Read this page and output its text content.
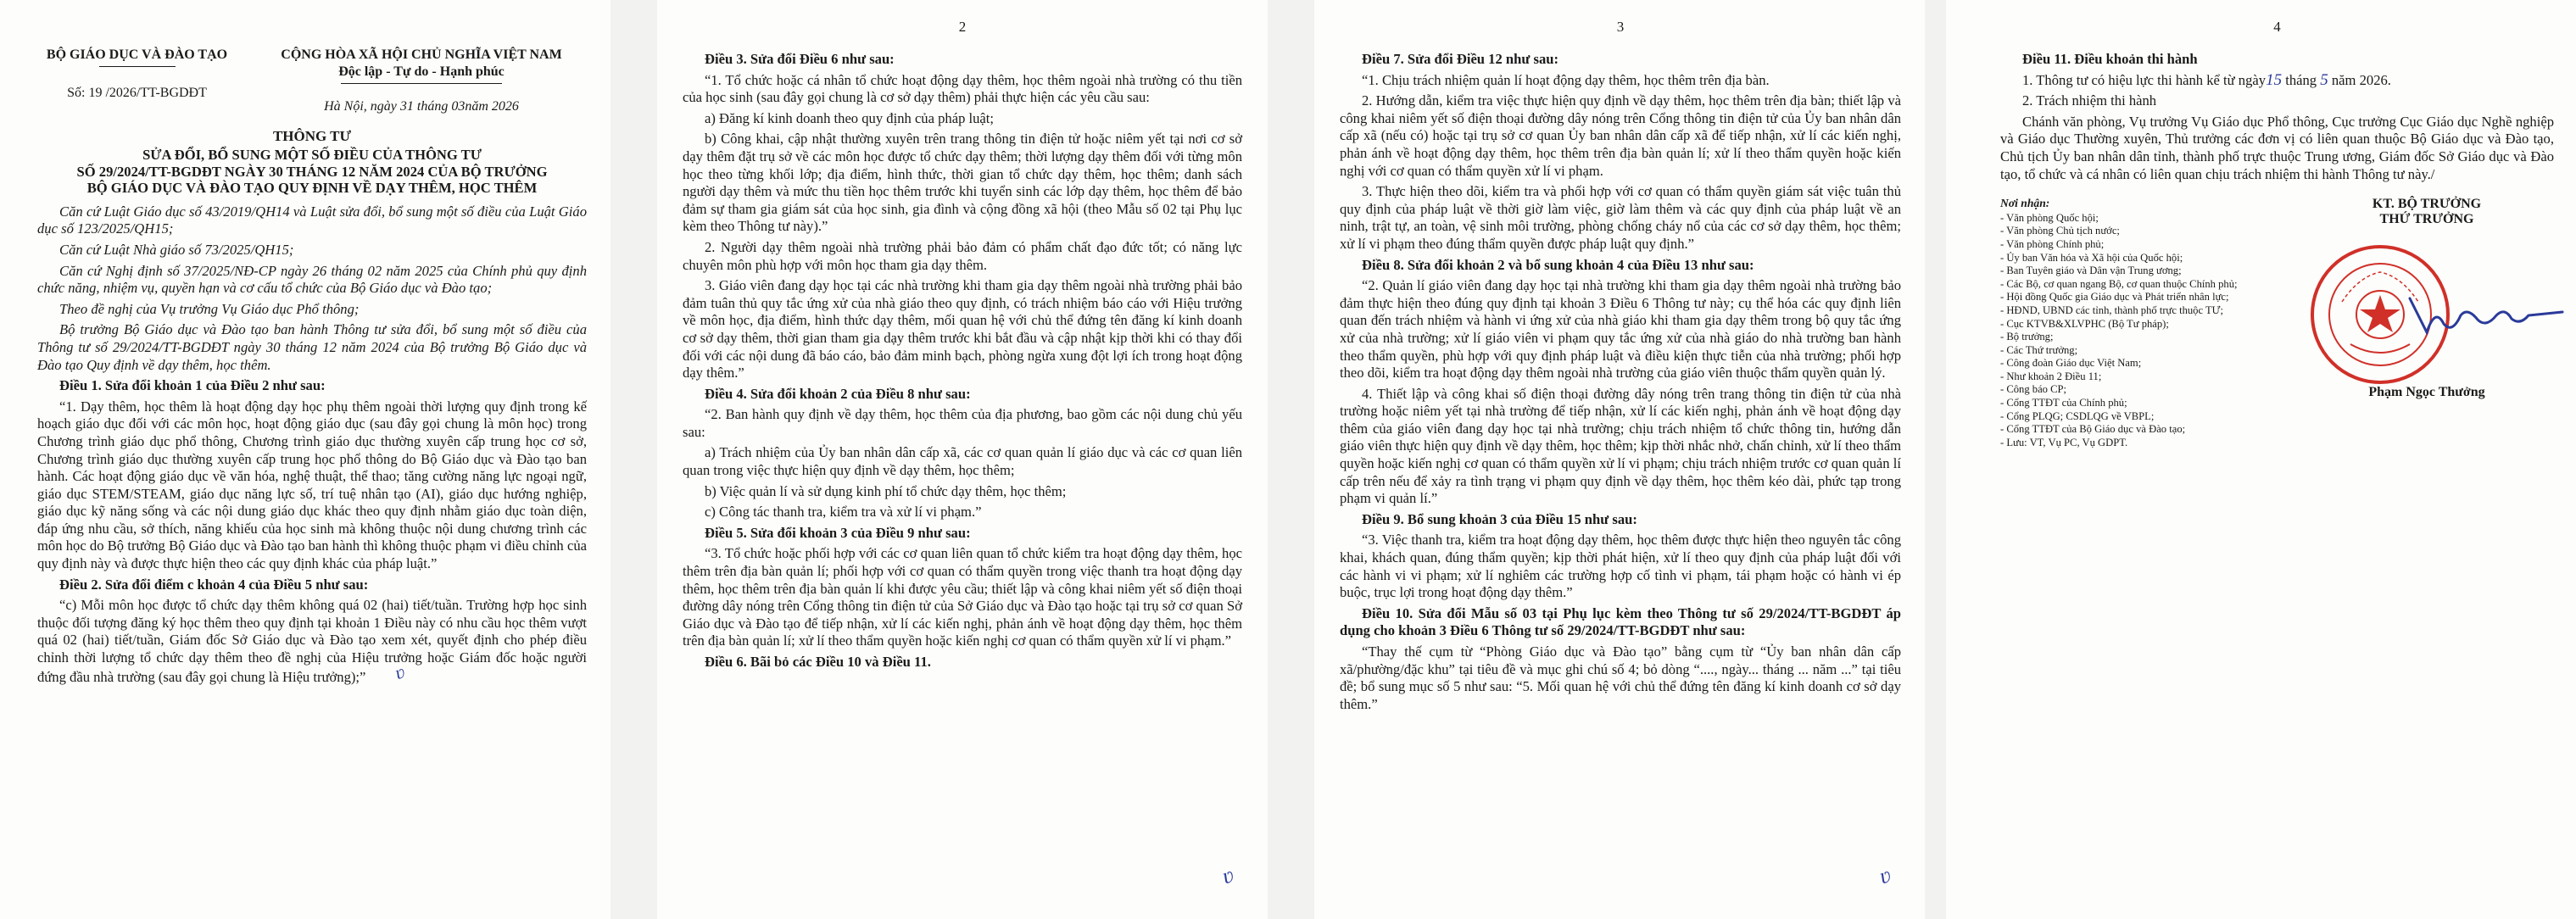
BỘ GIÁO DỤC VÀ ĐÀO TẠO
Số: 19 /2026/TT-BGDĐT
CỘNG HÒA XÃ HỘI CHỦ NGHĨA VIỆT NAM
Độc lập - Tự do - Hạnh phúc
Hà Nội, ngày 31 tháng 03năm 2026
THÔNG TƯ
SỬA ĐỔI, BỔ SUNG MỘT SỐ ĐIỀU CỦA THÔNG TƯ
SỐ 29/2024/TT-BGDĐT NGÀY 30 THÁNG 12 NĂM 2024 CỦA BỘ TRƯỞNG
BỘ GIÁO DỤC VÀ ĐÀO TẠO QUY ĐỊNH VỀ DẠY THÊM, HỌC THÊM

Căn cứ Luật Giáo dục số 43/2019/QH14 và Luật sửa đổi, bổ sung một số điều của Luật Giáo dục số 123/2025/QH15;

Căn cứ Luật Nhà giáo số 73/2025/QH15;

Căn cứ Nghị định số 37/2025/NĐ-CP ngày 26 tháng 02 năm 2025 của Chính phủ quy định chức năng, nhiệm vụ, quyền hạn và cơ cấu tổ chức của Bộ Giáo dục và Đào tạo;

Theo đề nghị của Vụ trưởng Vụ Giáo dục Phổ thông;

Bộ trưởng Bộ Giáo dục và Đào tạo ban hành Thông tư sửa đổi, bổ sung một số điều của Thông tư số 29/2024/TT-BGDĐT ngày 30 tháng 12 năm 2024 của Bộ trưởng Bộ Giáo dục và Đào tạo Quy định về dạy thêm, học thêm.

Điều 1. Sửa đổi khoản 1 của Điều 2 như sau:

“1. Dạy thêm, học thêm là hoạt động dạy học phụ thêm ngoài thời lượng quy định trong kế hoạch giáo dục đối với các môn học, hoạt động giáo dục (sau đây gọi chung là môn học) trong Chương trình giáo dục phổ thông, Chương trình giáo dục thường xuyên cấp trung học cơ sở, Chương trình giáo dục thường xuyên cấp trung học phổ thông do Bộ Giáo dục và Đào tạo ban hành. Các hoạt động giáo dục về văn hóa, nghệ thuật, thể thao; tăng cường năng lực ngoại ngữ, giáo dục STEM/STEAM, giáo dục năng lực số, trí tuệ nhân tạo (AI), giáo dục hướng nghiệp, giáo dục kỹ năng sống và các nội dung giáo dục khác theo quy định nhằm giáo dục toàn diện, đáp ứng nhu cầu, sở thích, năng khiếu của học sinh mà không thuộc nội dung chương trình các môn học do Bộ trưởng Bộ Giáo dục và Đào tạo ban hành thì không thuộc phạm vi điều chỉnh của quy định này và được thực hiện theo các quy định khác của pháp luật.”

Điều 2. Sửa đổi điểm c khoản 4 của Điều 5 như sau:

“c) Mỗi môn học được tổ chức dạy thêm không quá 02 (hai) tiết/tuần. Trường hợp học sinh thuộc đối tượng đăng ký học thêm theo quy định tại khoản 1 Điều này có nhu cầu học thêm vượt quá 02 (hai) tiết/tuần, Giám đốc Sở Giáo dục và Đào tạo xem xét, quyết định cho phép điều chỉnh thời lượng tổ chức dạy thêm theo đề nghị của Hiệu trưởng hoặc Giám đốc hoặc người đứng đầu nhà trường (sau đây gọi chung là Hiệu trưởng);” ʋ

2

Điều 3. Sửa đổi Điều 6 như sau:

“1. Tổ chức hoặc cá nhân tổ chức hoạt động dạy thêm, học thêm ngoài nhà trường có thu tiền của học sinh (sau đây gọi chung là cơ sở dạy thêm) phải thực hiện các yêu cầu sau:

a) Đăng kí kinh doanh theo quy định của pháp luật;

b) Công khai, cập nhật thường xuyên trên trang thông tin điện tử hoặc niêm yết tại nơi cơ sở dạy thêm đặt trụ sở về các môn học được tổ chức dạy thêm; thời lượng dạy thêm đối với từng môn học theo từng khối lớp; địa điểm, hình thức, thời gian tổ chức dạy thêm, học thêm; danh sách người dạy thêm và mức thu tiền học thêm trước khi tuyển sinh các lớp dạy thêm, học thêm để bảo đảm sự tham gia giám sát của học sinh, gia đình và cộng đồng xã hội (theo Mẫu số 02 tại Phụ lục kèm theo Thông tư này).”

2. Người dạy thêm ngoài nhà trường phải bảo đảm có phẩm chất đạo đức tốt; có năng lực chuyên môn phù hợp với môn học tham gia dạy thêm.

3. Giáo viên đang dạy học tại các nhà trường khi tham gia dạy thêm ngoài nhà trường phải bảo đảm tuân thủ quy tắc ứng xử của nhà giáo theo quy định, có trách nhiệm báo cáo với Hiệu trưởng về môn học, địa điểm, hình thức dạy thêm, mối quan hệ với chủ thể đứng tên đăng kí kinh doanh cơ sở dạy thêm, thời gian tham gia dạy thêm trước khi bắt đầu và cập nhật kịp thời khi có thay đổi đối với các nội dung đã báo cáo, bảo đảm minh bạch, phòng ngừa xung đột lợi ích trong hoạt động dạy thêm.”

Điều 4. Sửa đổi khoản 2 của Điều 8 như sau:

“2. Ban hành quy định về dạy thêm, học thêm của địa phương, bao gồm các nội dung chủ yếu sau:

a) Trách nhiệm của Ủy ban nhân dân cấp xã, các cơ quan quản lí giáo dục và các cơ quan liên quan trong việc thực hiện quy định về dạy thêm, học thêm;

b) Việc quản lí và sử dụng kinh phí tổ chức dạy thêm, học thêm;

c) Công tác thanh tra, kiểm tra và xử lí vi phạm.”

Điều 5. Sửa đổi khoản 3 của Điều 9 như sau:

“3. Tổ chức hoặc phối hợp với các cơ quan liên quan tổ chức kiểm tra hoạt động dạy thêm, học thêm trên địa bàn quản lí; phối hợp với cơ quan có thẩm quyền trong việc thanh tra hoạt động dạy thêm, học thêm trên địa bàn quản lí khi được yêu cầu; thiết lập và công khai niêm yết số điện thoại đường dây nóng trên Cổng thông tin điện tử của Sở Giáo dục và Đào tạo hoặc tại trụ sở cơ quan Sở Giáo dục và Đào tạo để tiếp nhận, xử lí các kiến nghị, phản ánh về hoạt động dạy thêm, học thêm trên địa bàn quản lí; xử lí theo thẩm quyền hoặc kiến nghị cơ quan có thẩm quyền xử lí vi phạm.”

Điều 6. Bãi bỏ các Điều 10 và Điều 11.

ʋ
3

Điều 7. Sửa đổi Điều 12 như sau:

“1. Chịu trách nhiệm quản lí hoạt động dạy thêm, học thêm trên địa bàn.

2. Hướng dẫn, kiểm tra việc thực hiện quy định về dạy thêm, học thêm trên địa bàn; thiết lập và công khai niêm yết số điện thoại đường dây nóng trên Cổng thông tin điện tử của Ủy ban nhân dân cấp xã (nếu có) hoặc tại trụ sở cơ quan Ủy ban nhân dân cấp xã để tiếp nhận, xử lí các kiến nghị, phản ánh về hoạt động dạy thêm, học thêm trên địa bàn quản lí; xử lí theo thẩm quyền hoặc kiến nghị với cơ quan có thẩm quyền xử lí vi phạm.

3. Thực hiện theo dõi, kiểm tra và phối hợp với cơ quan có thẩm quyền giám sát việc tuân thủ quy định của pháp luật về thời giờ làm việc, giờ làm thêm và các quy định của pháp luật về an ninh, trật tự, an toàn, vệ sinh môi trường, phòng chống cháy nổ của các cơ sở dạy thêm, học thêm; xử lí vi phạm theo đúng thẩm quyền được pháp luật quy định.”

Điều 8. Sửa đổi khoản 2 và bổ sung khoản 4 của Điều 13 như sau:

“2. Quản lí giáo viên đang dạy học tại nhà trường khi tham gia dạy thêm ngoài nhà trường bảo đảm thực hiện theo đúng quy định tại khoản 3 Điều 6 Thông tư này; cụ thể hóa các quy định liên quan đến trách nhiệm và hành vi ứng xử của nhà giáo khi tham gia dạy thêm trong bộ quy tắc ứng xử của nhà trường; xử lí giáo viên vi phạm quy tắc ứng xử của nhà giáo do nhà trường ban hành theo thẩm quyền, phù hợp với quy định pháp luật và điều kiện thực tiễn của nhà trường; phối hợp theo dõi, kiểm tra hoạt động dạy thêm ngoài nhà trường của giáo viên thuộc thẩm quyền quản lý.

4. Thiết lập và công khai số điện thoại đường dây nóng trên trang thông tin điện tử của nhà trường hoặc niêm yết tại nhà trường để tiếp nhận, xử lí các kiến nghị, phản ánh về hoạt động dạy thêm của giáo viên đang dạy học tại nhà trường; chịu trách nhiệm tổ chức thông tin, hướng dẫn giáo viên thực hiện quy định về dạy thêm, học thêm; kịp thời nhắc nhở, chấn chỉnh, xử lí theo thẩm quyền hoặc kiến nghị cơ quan có thẩm quyền xử lí vi phạm; chịu trách nhiệm trước cơ quan quản lí cấp trên nếu để xảy ra tình trạng vi phạm quy định về dạy thêm, học thêm kéo dài, phức tạp trong phạm vi quản lí.”

Điều 9. Bổ sung khoản 3 của Điều 15 như sau:

“3. Việc thanh tra, kiểm tra hoạt động dạy thêm, học thêm được thực hiện theo nguyên tắc công khai, khách quan, đúng thẩm quyền; kịp thời phát hiện, xử lí theo quy định của pháp luật đối với các hành vi vi phạm; xử lí nghiêm các trường hợp cố tình vi phạm, tái phạm hoặc có hành vi ép buộc, trục lợi trong hoạt động dạy thêm.”

Điều 10. Sửa đổi Mẫu số 03 tại Phụ lục kèm theo Thông tư số 29/2024/TT-BGDĐT áp dụng cho khoản 3 Điều 6 Thông tư số 29/2024/TT-BGDĐT như sau:

“Thay thế cụm từ “Phòng Giáo dục và Đào tạo” bằng cụm từ “Ủy ban nhân dân cấp xã/phường/đặc khu” tại tiêu đề và mục ghi chú số 4; bỏ dòng “...., ngày... tháng ... năm ...” tại tiêu đề; bổ sung mục số 5 như sau: “5. Mối quan hệ với chủ thể đứng tên đăng kí kinh doanh cơ sở dạy thêm.”

ʋ
4

Điều 11. Điều khoản thi hành

1. Thông tư có hiệu lực thi hành kể từ ngày15 tháng 5 năm 2026.

2. Trách nhiệm thi hành

Chánh văn phòng, Vụ trưởng Vụ Giáo dục Phổ thông, Cục trưởng Cục Giáo dục Nghề nghiệp và Giáo dục Thường xuyên, Thủ trưởng các đơn vị có liên quan thuộc Bộ Giáo dục và Đào tạo, Chủ tịch Ủy ban nhân dân tỉnh, thành phố trực thuộc Trung ương, Giám đốc Sở Giáo dục và Đào tạo, tổ chức và cá nhân có liên quan chịu trách nhiệm thi hành Thông tư này./

Nơi nhận:
- Văn phòng Quốc hội;
- Văn phòng Chủ tịch nước;
- Văn phòng Chính phủ;
- Ủy ban Văn hóa và Xã hội của Quốc hội;
- Ban Tuyên giáo và Dân vận Trung ương;
- Các Bộ, cơ quan ngang Bộ, cơ quan thuộc Chính phủ;
- Hội đồng Quốc gia Giáo dục và Phát triển nhân lực;
- HĐND, UBND các tỉnh, thành phố trực thuộc TƯ;
- Cục KTVB&XLVPHC (Bộ Tư pháp);
- Bộ trưởng;
- Các Thứ trưởng;
- Công đoàn Giáo dục Việt Nam;
- Như khoản 2 Điều 11;
- Công báo CP;
- Cổng TTĐT của Chính phủ;
- Cổng PLQG; CSDLQG về VBPL;
- Cổng TTĐT của Bộ Giáo dục và Đào tạo;
- Lưu: VT, Vụ PC, Vụ GDPT.
KT. BỘ TRƯỞNG
THỨ TRƯỞNG
Phạm Ngọc Thưởng
